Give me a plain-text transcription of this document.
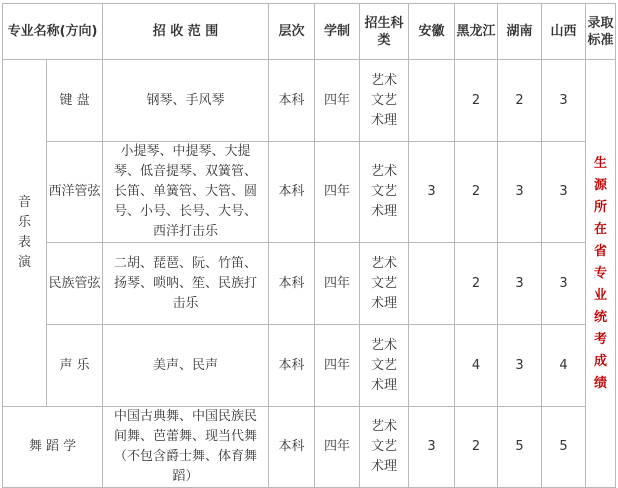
专业名称(方向)		招 收 范 围	层次	学制	招生科类	安徽	黑龙江	湖南	山西	录取标准
音乐表演	键 盘	钢琴、手风琴	本科	四年	艺术文艺术理		2	2	3	生源所在省专业统考成绩
	西洋管弦	小提琴、中提琴、大提琴、低音提琴、双簧管、长笛、单簧管、大管、圆号、小号、长号、大号、西洋打击乐	本科	四年	艺术文艺术理	3	2	3	3	
	民族管弦	二胡、琵琶、阮、竹笛、扬琴、唢呐、笙、民族打击乐	本科	四年	艺术文艺术理		2	3	3	
	声 乐	美声、民声	本科	四年	艺术文艺术理		4	3	4	
舞 蹈 学		中国古典舞、中国民族民间舞、芭蕾舞、现当代舞（不包含爵士舞、体育舞蹈）	本科	四年	艺术文艺术理	3	2	5	5	
